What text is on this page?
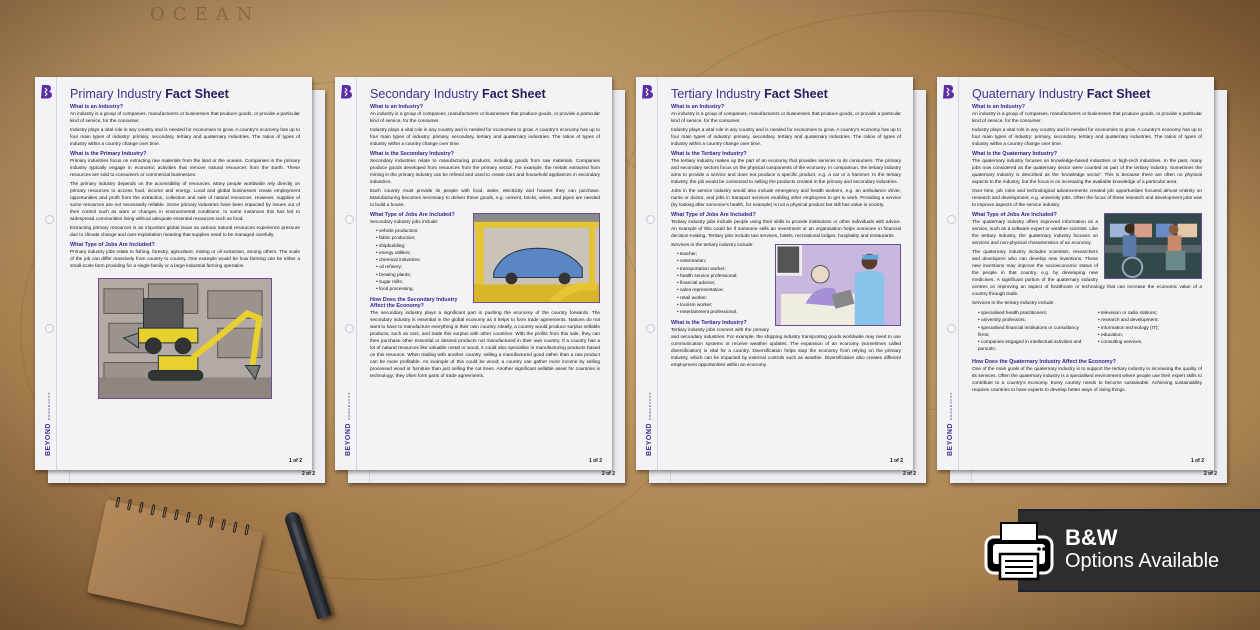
OCEAN
2 of 2
BEYONDGEOGRAPHY
Primary Industry Fact Sheet
What is an Industry?
An industry is a group of companies, manufacturers or businesses that produce goods, or provide a particular kind of service, for the consumer.
Industry plays a vital role in any country and is needed for economies to grow. A country's economy has up to four main types of industry: primary, secondary, tertiary and quaternary industries. The ratios of types of industry within a country change over time.
What is the Primary Industry?
Primary industries focus on extracting raw materials from the land or the oceans. Companies in the primary industry typically engage in economic activities that remove natural resources from the Earth. These resources are sold to consumers or commercial businesses.
The primary industry depends on the accessibility of resources. Many people worldwide rely directly on primary resources to access food, income and energy. Local and global businesses create employment opportunities and profit from the extraction, collection and sale of natural resources. However, supplies of some resources are not necessarily reliable. Some primary industries have been impacted by issues out of their control such as wars or changes in environmental conditions. In some instances this has led to widespread communities living without adequate essential resources such as food.
Extracting primary resources is an important global issue as various natural resources experience pressure due to climate change and over-exploitation meaning that supplies need to be managed carefully.
What Type of Jobs Are Included?
Primary industry jobs relate to fishing, forestry, agriculture, mining or oil extraction, among others. The scale of the job can differ massively from country to country. One example would be how farming can be either a small-scale farm providing for a single family or a large industrial farming operation.
1 of 2
2 of 2
BEYONDGEOGRAPHY
Secondary Industry Fact Sheet
What is an Industry?
An industry is a group of companies, manufacturers or businesses that produce goods, or provide a particular kind of service, for the consumer.
Industry plays a vital role in any country and is needed for economies to grow. A country's economy has up to four main types of industry: primary, secondary, tertiary and quaternary industries. The ratios of types of industry within a country change over time.
What is the Secondary Industry?
Secondary industries relate to manufacturing products, including goods from raw materials. Companies produce goods developed from resources from the primary sector. For example, the metals extracted from mining in the primary industry can be refined and used to create cars and household appliances in secondary industries.
Each country must provide its people with food, water, electricity and houses they can purchase. Manufacturing becomes necessary to deliver these goods, e.g. cement, bricks, wires, and pipes are needed to build a house.
What Type of Jobs Are Included?
Secondary industry jobs include:
• vehicle production;
• fabric production;
• shipbuilding;
• energy utilities;
• chemical industries;
• oil refinery;
• brewing plants;
• sugar mills;
• food processing.
How Does the Secondary Industry Affect the Economy?
The secondary industry plays a significant part in pushing the economy of the country forwards. The secondary industry is essential in the global economy as it helps to form trade agreements. Nations do not want to have to manufacture everything in their own country. Ideally, a country would produce surplus sellable products, such as cars, and trade this surplus with other countries. With the profits from this sale, they can then purchase other essential or desired products not manufactured in their own country. If a country has a lot of natural resources like valuable metal or wood, it could also specialise in manufacturing products based on this resource. When trading with another country, selling a manufactured good rather than a raw product can be more profitable. An example of this could be wood; a country can gather more income by selling processed wood or furniture than just selling the cut trees. Another significant sellable asset for countries is technology; they often form parts of trade agreements.
1 of 2
2 of 2
BEYONDGEOGRAPHY
Tertiary Industry Fact Sheet
What is an Industry?
An industry is a group of companies, manufacturers or businesses that produce goods, or provide a particular kind of service, for the consumer.
Industry plays a vital role in any country and is needed for economies to grow. A country's economy has up to four main types of industry: primary, secondary, tertiary and quaternary industries. The ratios of types of industry within a country change over time.
What is the Tertiary Industry?
The tertiary industry makes up the part of an economy that provides services to its consumers. The primary and secondary sectors focus on the physical components of the economy. In comparison, the tertiary industry aims to provide a service and does not produce a specific product, e.g. a car or a hammer. In the tertiary industry, the job would be connected to selling the products created in the primary and secondary industries.
Jobs in the service industry would also include emergency and health workers, e.g. an ambulance driver, nurse or doctor, and jobs in transport services enabling other employees to get to work. Providing a service (by looking after someone's health, for example) is not a physical product but still has value in society.
What Type of Jobs Are Included?
Tertiary industry jobs include people using their skills to provide institutions or other individuals with advice. An example of this could be if someone sells an investment or an organisation helps someone in financial decision-making. Tertiary jobs include taxi services, hotels, recreational lodges, hospitality and restaurants.
Services in the tertiary industry include:
• teacher;
• veterinarian;
• transportation worker;
• health service professional;
• financial advisor;
• sales representative;
• retail worker;
• tourism worker;
• entertainment professional.
What is the Tertiary Industry?
Tertiary industry jobs connect with the primary and secondary industries. For example, the shipping industry transporting goods worldwide may need to use communication systems or receive weather updates. The expansion of an economy (sometimes called diversification) is vital for a country. Diversification helps stop the economy from relying on the primary industry, which can be impacted by external controls such as weather. Diversification also creates different employment opportunities within an economy.
1 of 2
2 of 2
BEYONDGEOGRAPHY
Quaternary Industry Fact Sheet
What is an Industry?
An industry is a group of companies, manufacturers or businesses that produce goods, or provide a particular kind of service, for the consumer.
Industry plays a vital role in any country and is needed for economies to grow. A country's economy has up to four main types of industry: primary, secondary, tertiary and quaternary industries. The ratios of types of industry within a country change over time.
What is the Quaternary Industry?
The quaternary industry focuses on knowledge-based industries or high-tech industries. In the past, many jobs now considered as the quaternary sector were counted as part of the tertiary industry. Sometimes the quaternary industry is described as the 'knowledge sector'. This is because there are often no physical aspects to the industry, but the focus is on increasing the available knowledge of a particular area.
Over time, job roles and technological advancements created job opportunities focused almost entirely on research and development, e.g. university jobs. Often the focus of these research and development jobs was to improve aspects of the service industry.
What Type of Jobs Are Included?
The quaternary industry offers improved information as a service, such as a software expert or weather scientist. Like the tertiary industry, the quaternary industry focuses on services and non-physical characteristics of an economy.
The quaternary industry includes scientists, researchers and developers who can develop new inventions. These new inventions may improve the socioeconomic status of the people in that country, e.g. by developing new medicines. A significant portion of the quaternary industry centres on improving an aspect of healthcare or technology that can increase the economic value of a country through trade.
Services in the tertiary industry include:
• specialised health practitioners;
• university professors;
• specialised financial institutions or consultancy firms;
• companies engaged in intellectual activities and pursuits;
• television or radio stations;
• research and development;
• information technology (IT);
• education;
• consulting services.
How Does the Quaternary Industry Affect the Economy?
One of the main goals of the quaternary industry is to support the tertiary industry in increasing the quality of its services. Often the quaternary industry is a specialised environment where people use their expert skills to contribute to a country's economy. Every country needs to become sustainable. Achieving sustainability requires countries to have experts to develop better ways of doing things.
1 of 2
B&W
Options Available
